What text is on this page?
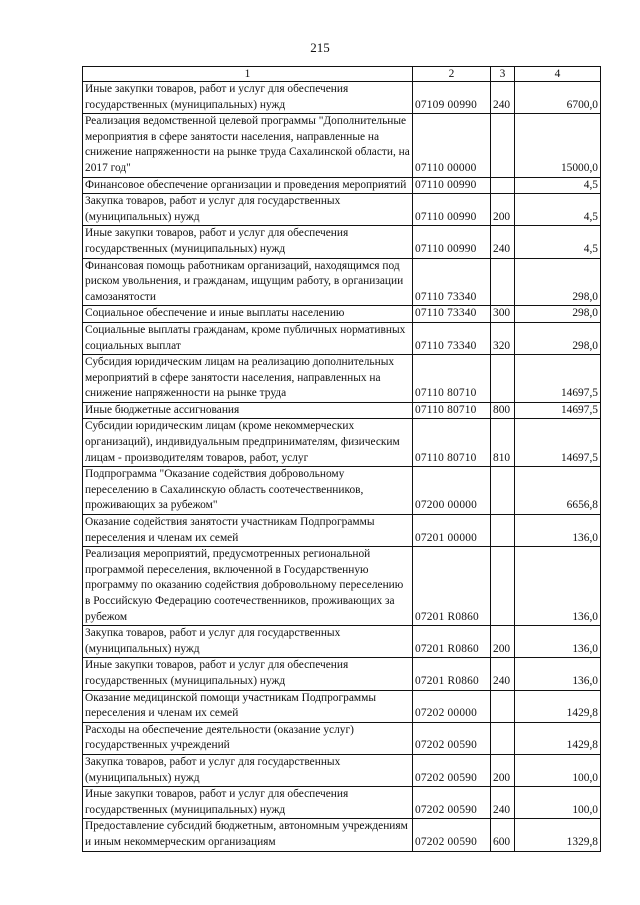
215
1	2	3	4
Иные закупки товаров, работ и услуг для обеспечения государственных (муниципальных) нужд	07109 00990	240	6700,0
Реализация ведомственной целевой программы "Дополнительные мероприятия в сфере занятости населения, направленные на снижение напряженности на рынке труда Сахалинской области, на 2017 год"	07110 00000		15000,0
Финансовое обеспечение организации и проведения мероприятий	07110 00990		4,5
Закупка товаров, работ и услуг для государственных (муниципальных) нужд	07110 00990	200	4,5
Иные закупки товаров, работ и услуг для обеспечения государственных (муниципальных) нужд	07110 00990	240	4,5
Финансовая помощь работникам организаций, находящимся под риском увольнения, и гражданам, ищущим работу, в организации самозанятости	07110 73340		298,0
Социальное обеспечение и иные выплаты населению	07110 73340	300	298,0
Социальные выплаты гражданам, кроме публичных нормативных социальных выплат	07110 73340	320	298,0
Субсидия юридическим лицам на реализацию дополнительных мероприятий в сфере занятости населения, направленных на снижение напряженности на рынке труда	07110 80710		14697,5
Иные бюджетные ассигнования	07110 80710	800	14697,5
Субсидии юридическим лицам (кроме некоммерческих организаций), индивидуальным предпринимателям, физическим лицам - производителям товаров, работ, услуг	07110 80710	810	14697,5
Подпрограмма "Оказание содействия добровольному переселению в Сахалинскую область соотечественников, проживающих за рубежом"	07200 00000		6656,8
Оказание содействия занятости участникам Подпрограммы переселения и членам их семей	07201 00000		136,0
Реализация мероприятий, предусмотренных региональной программой переселения, включенной в Государственную программу по оказанию содействия добровольному переселению в Российскую Федерацию соотечественников, проживающих за рубежом	07201 R0860		136,0
Закупка товаров, работ и услуг для государственных (муниципальных) нужд	07201 R0860	200	136,0
Иные закупки товаров, работ и услуг для обеспечения государственных (муниципальных) нужд	07201 R0860	240	136,0
Оказание медицинской помощи участникам Подпрограммы переселения и членам их семей	07202 00000		1429,8
Расходы на обеспечение деятельности (оказание услуг) государственных учреждений	07202 00590		1429,8
Закупка товаров, работ и услуг для государственных (муниципальных) нужд	07202 00590	200	100,0
Иные закупки товаров, работ и услуг для обеспечения государственных (муниципальных) нужд	07202 00590	240	100,0
Предоставление субсидий бюджетным, автономным учреждениям и иным некоммерческим организациям	07202 00590	600	1329,8
